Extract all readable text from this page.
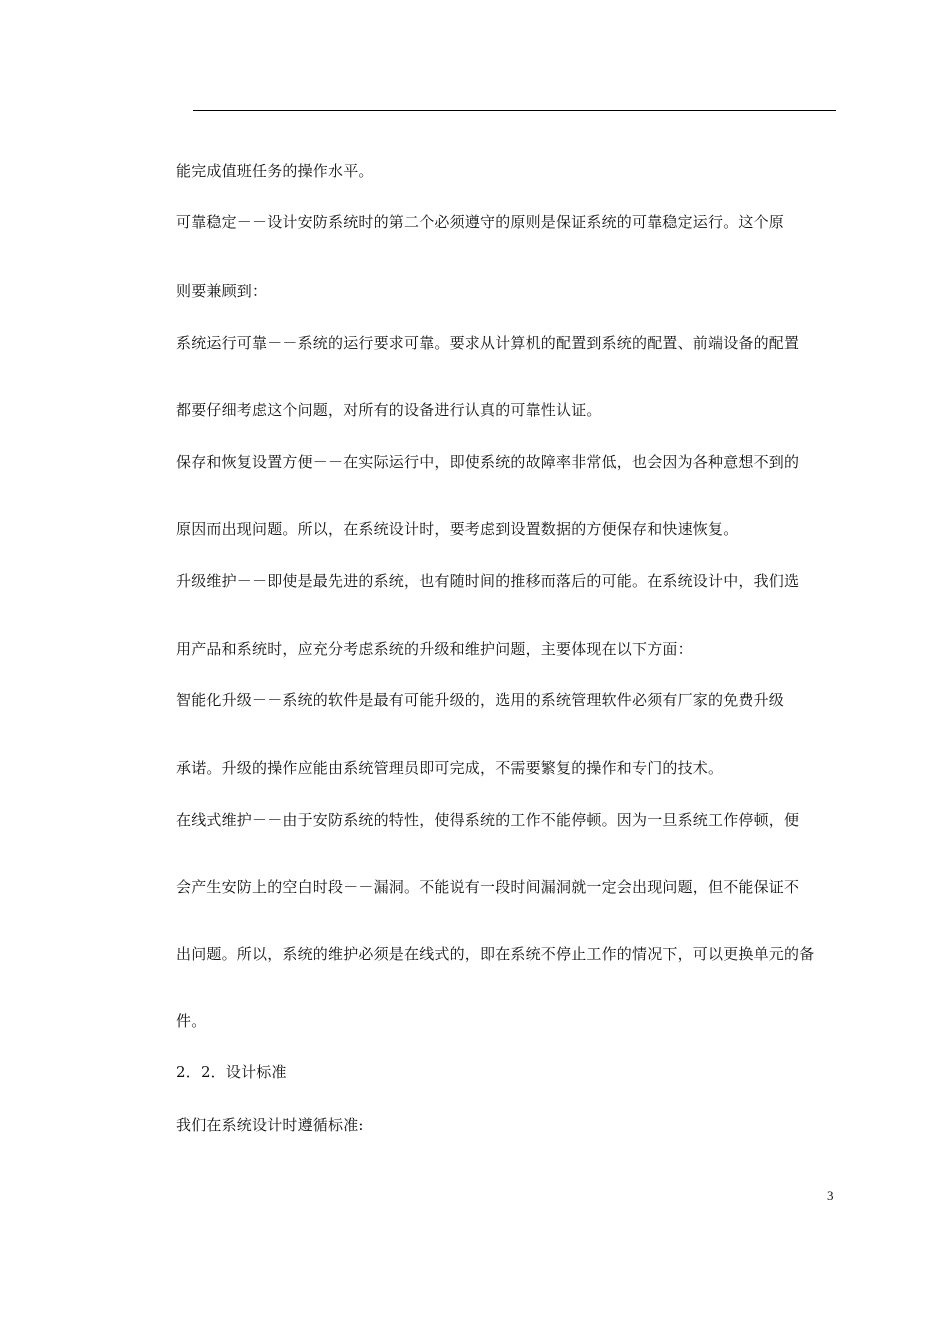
能完成值班任务的操作水平。
可靠稳定－－设计安防系统时的第二个必须遵守的原则是保证系统的可靠稳定运行。这个原
则要兼顾到：
系统运行可靠－－系统的运行要求可靠。要求从计算机的配置到系统的配置、前端设备的配置
都要仔细考虑这个问题，对所有的设备进行认真的可靠性认证。
保存和恢复设置方便－－在实际运行中，即使系统的故障率非常低，也会因为各种意想不到的
原因而出现问题。所以，在系统设计时，要考虑到设置数据的方便保存和快速恢复。
升级维护－－即使是最先进的系统，也有随时间的推移而落后的可能。在系统设计中，我们选
用产品和系统时，应充分考虑系统的升级和维护问题，主要体现在以下方面：
智能化升级－－系统的软件是最有可能升级的，选用的系统管理软件必须有厂家的免费升级
承诺。升级的操作应能由系统管理员即可完成，不需要繁复的操作和专门的技术。
在线式维护－－由于安防系统的特性，使得系统的工作不能停顿。因为一旦系统工作停顿，便
会产生安防上的空白时段－－漏洞。不能说有一段时间漏洞就一定会出现问题，但不能保证不
出问题。所以，系统的维护必须是在线式的，即在系统不停止工作的情况下，可以更换单元的备
件。
2．2．设计标准
我们在系统设计时遵循标准:
3
